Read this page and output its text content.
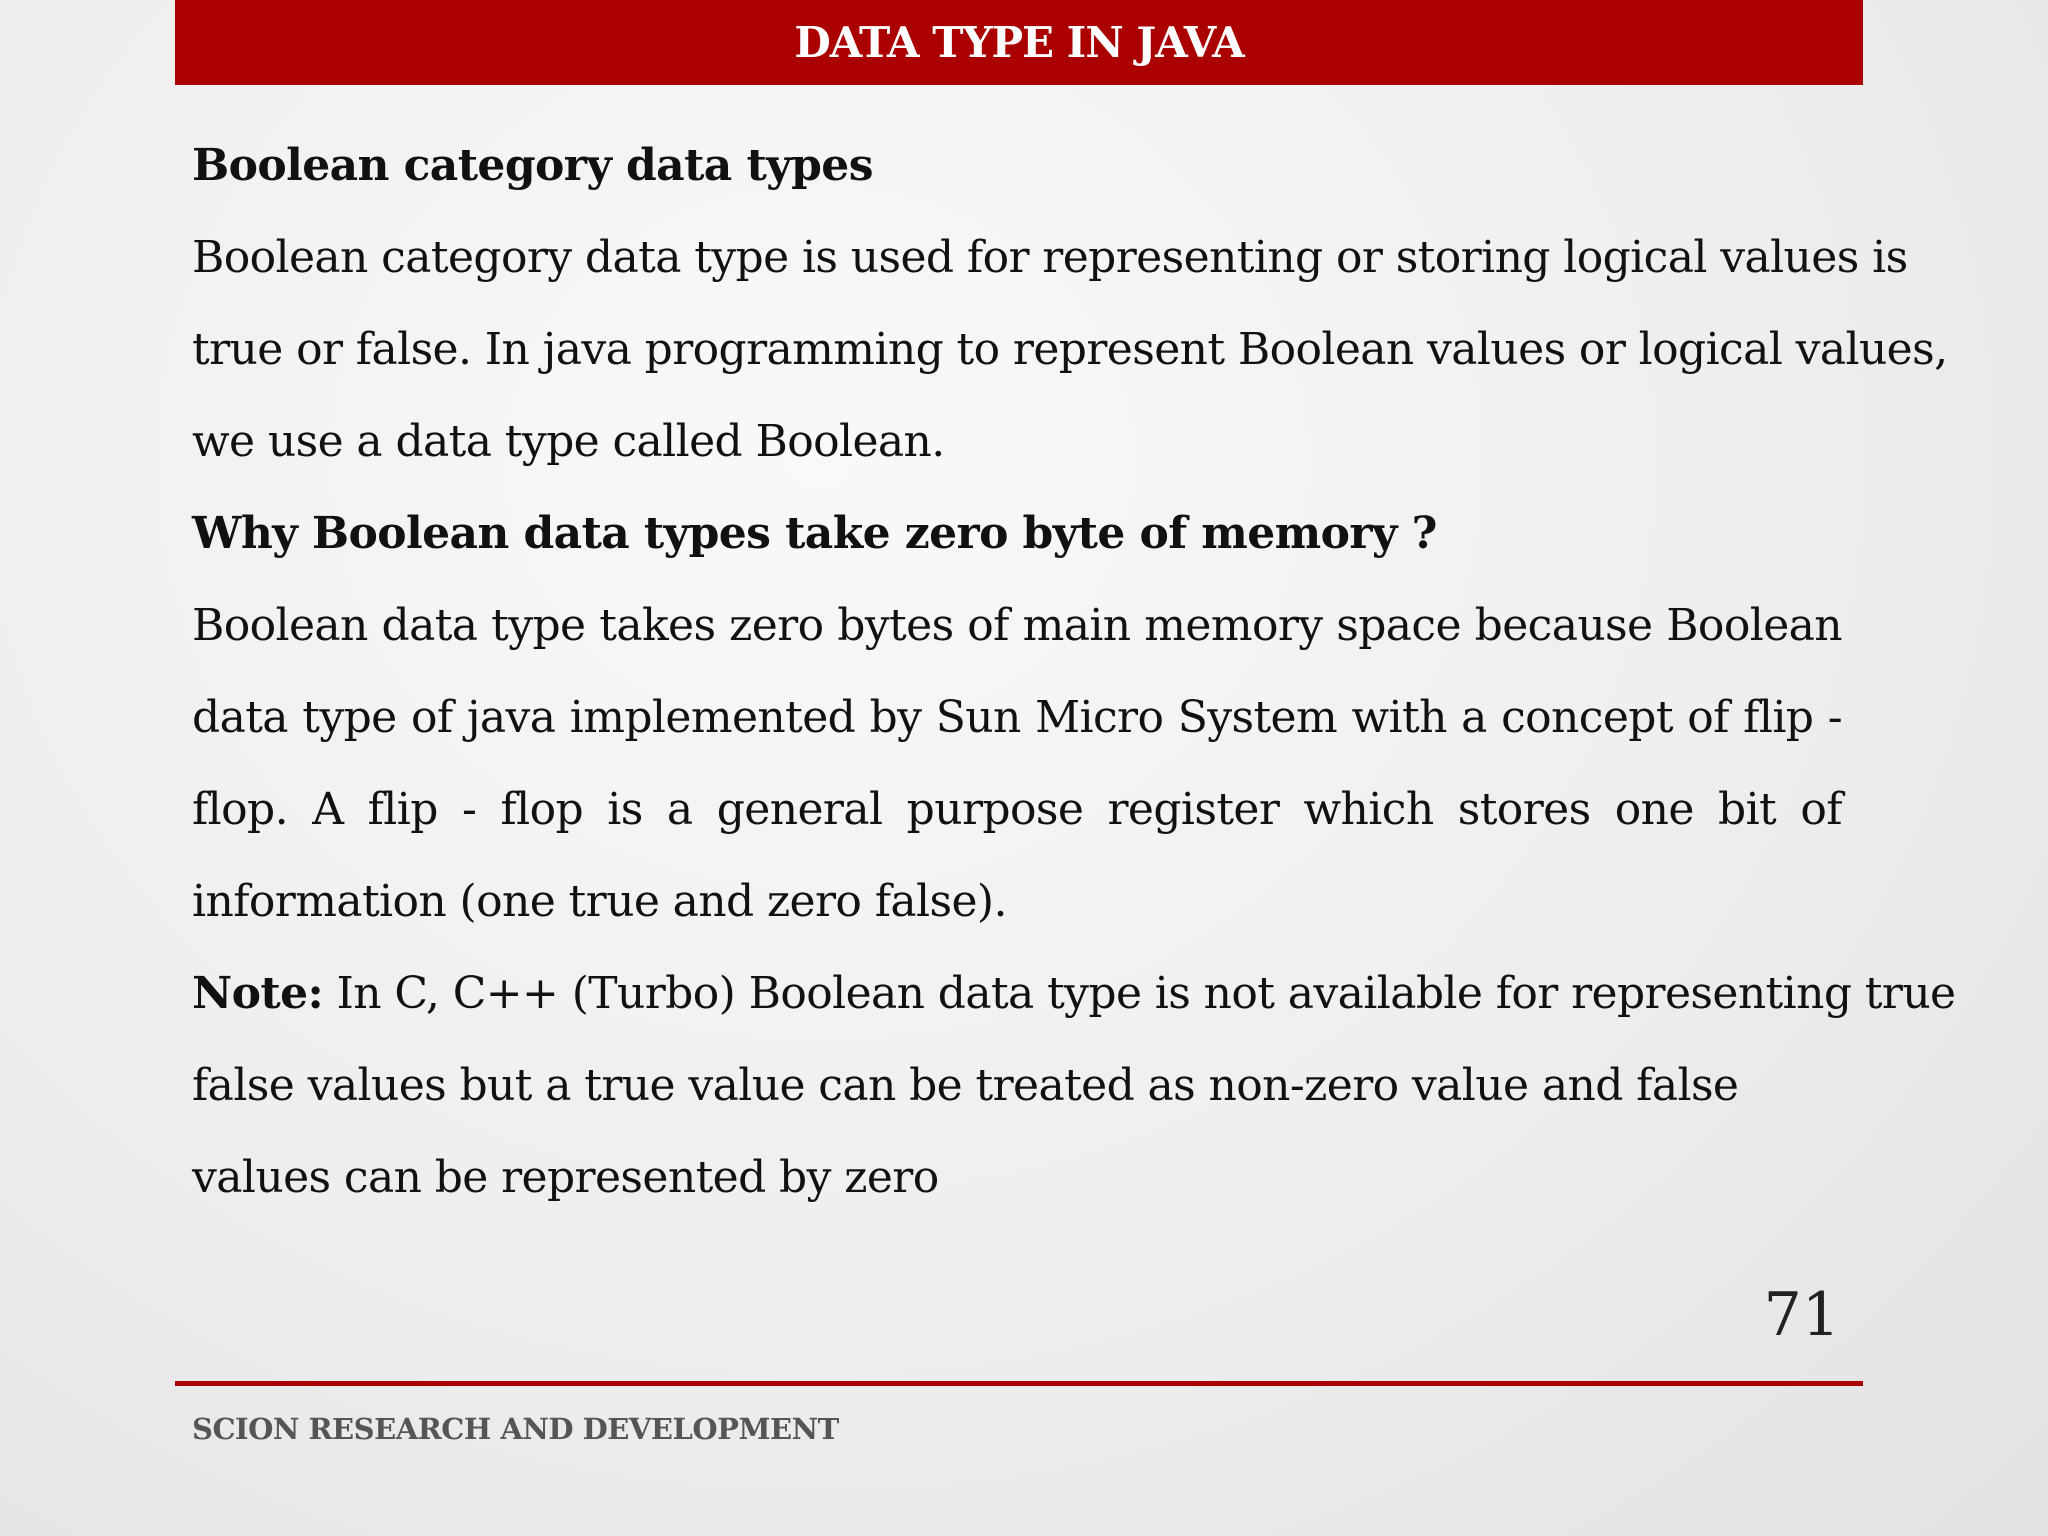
DATA TYPE IN JAVA
Boolean category data types
Boolean category data type is used for representing or storing logical values is
true or false. In java programming to represent Boolean values or logical values,
we use a data type called Boolean.
Why Boolean data types take zero byte of memory ?
Boolean data type takes zero bytes of main memory space because Boolean
data type of java implemented by Sun Micro System with a concept of flip -
flop. A flip - flop is a general purpose register which stores one bit of
information (one true and zero false).
Note: In C, C++ (Turbo) Boolean data type is not available for representing true
false values but a true value can be treated as non-zero value and false
values can be represented by zero
71
SCION RESEARCH AND DEVELOPMENT
